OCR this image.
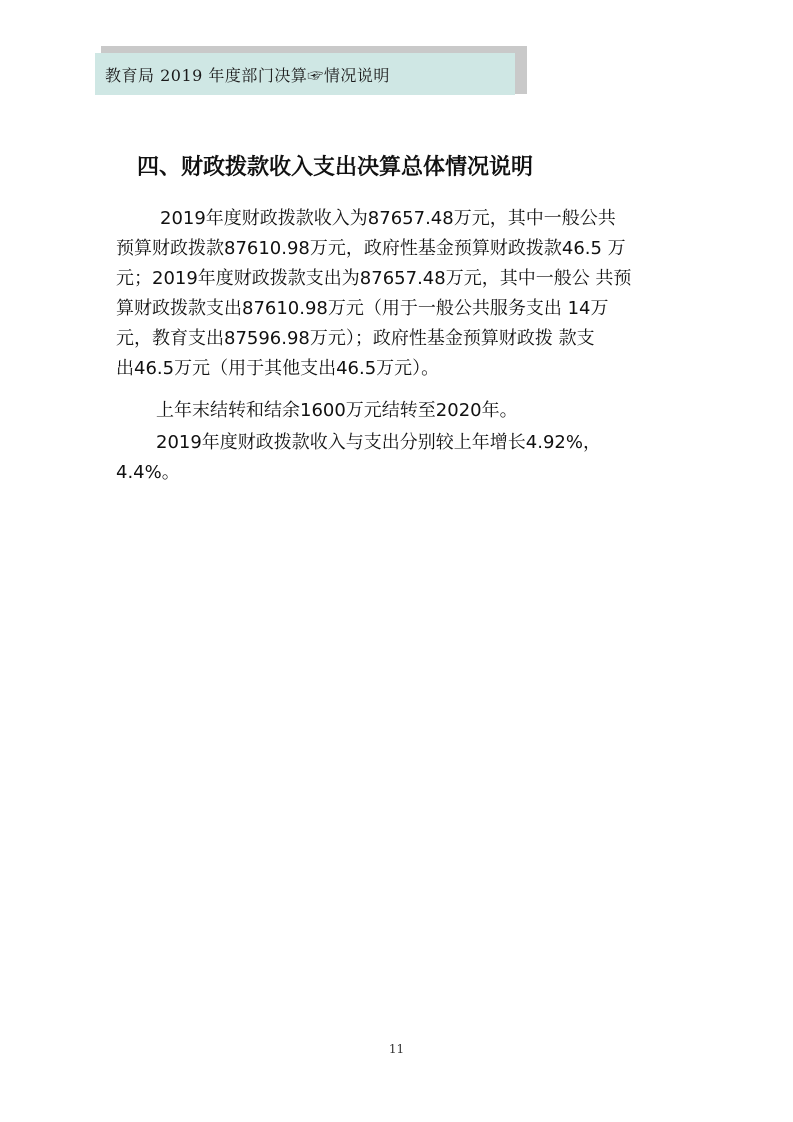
教育局 2019 年度部门决算☞情况说明
四、财政拨款收入支出决算总体情况说明
2019年度财政拨款收入为87657.48万元，其中一般公共
预算财政拨款87610.98万元，政府性基金预算财政拨款46.5 万
元；2019年度财政拨款支出为87657.48万元，其中一般公 共预
算财政拨款支出87610.98万元（用于一般公共服务支出 14万
元，教育支出87596.98万元）；政府性基金预算财政拨 款支
出46.5万元（用于其他支出46.5万元）。
上年末结转和结余1600万元结转至2020年。
2019年度财政拨款收入与支出分别较上年增长4.92%，
4.4%。
11
